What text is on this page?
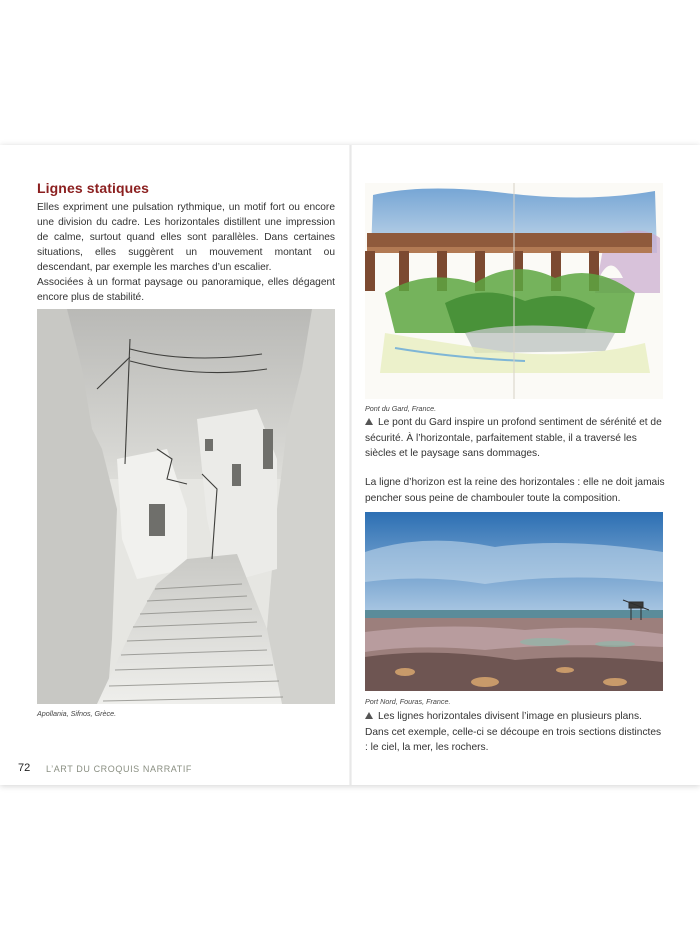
Lignes statiques

Elles expriment une pulsation rythmique, un motif fort ou encore une division du cadre. Les horizontales distillent une impression de calme, surtout quand elles sont parallèles. Dans certaines situations, elles suggèrent un mouvement montant ou descendant, par exemple les marches d’un escalier.

Associées à un format paysage ou panoramique, elles dégagent encore plus de stabilité.

Apollania, Sifnos, Grèce.
Pont du Gard, France.

Le pont du Gard inspire un profond sentiment de sérénité et de sécurité. À l’horizontale, parfaitement stable, il a traversé les siècles et le paysage sans dommages.

La ligne d’horizon est la reine des horizontales : elle ne doit jamais pencher sous peine de chambouler toute la composition.

Port Nord, Fouras, France.

Les lignes horizontales divisent l’image en plusieurs plans. Dans cet exemple, celle-ci se découpe en trois sections distinctes : le ciel, la mer, les rochers.

72 L’ART DU CROQUIS NARRATIF
